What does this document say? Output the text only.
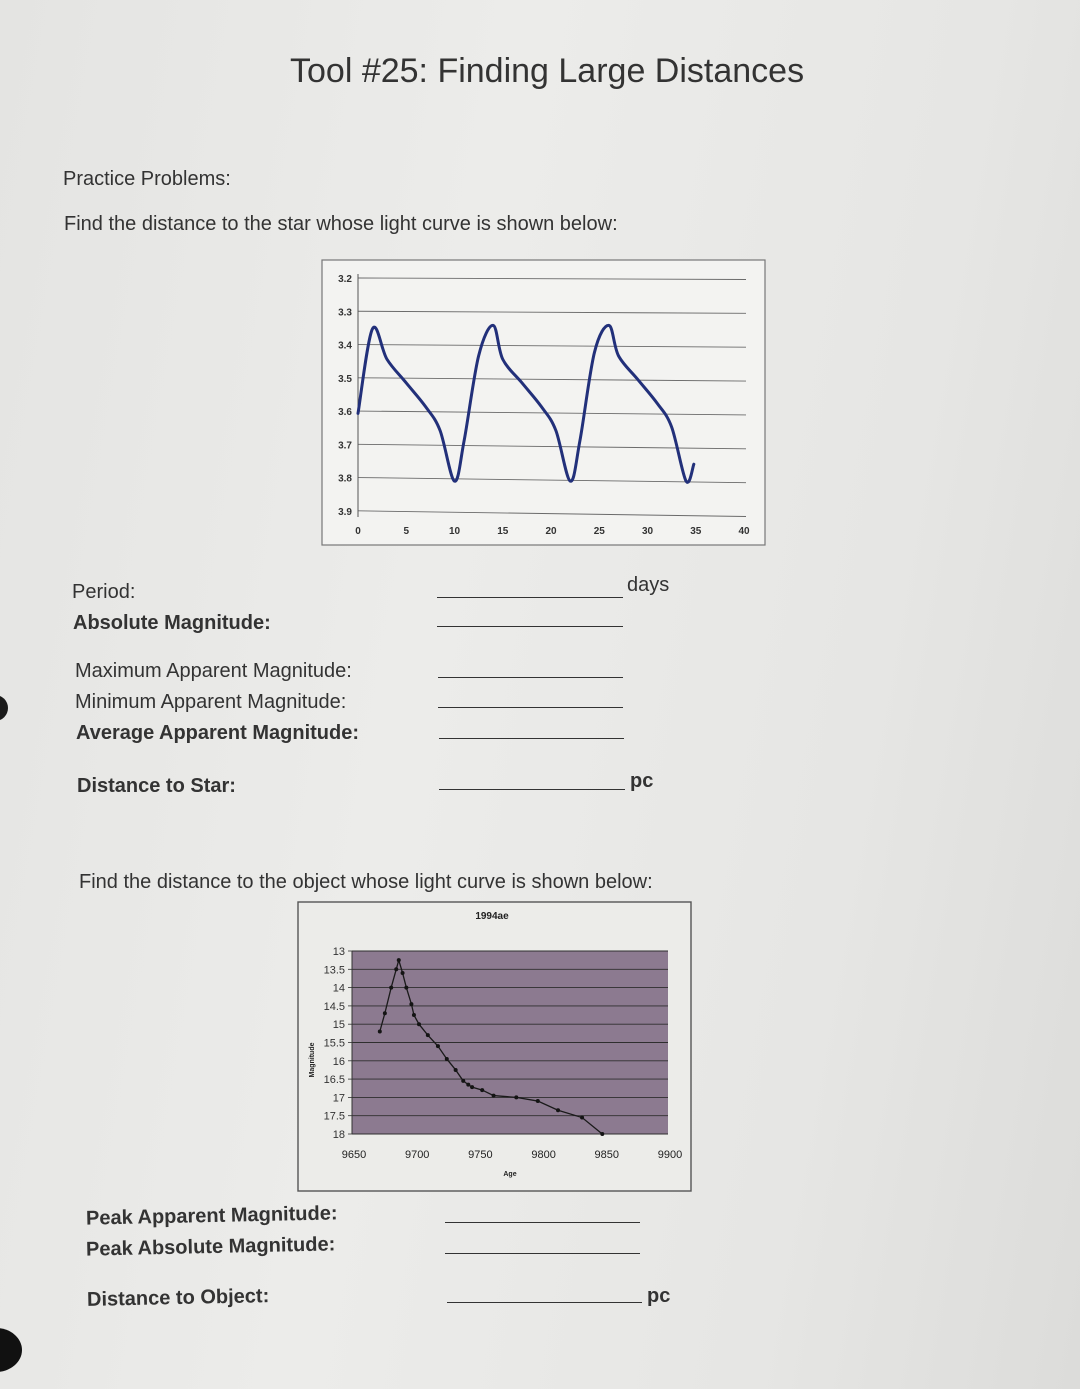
Tool #25: Finding Large Distances
Practice Problems:
Find the distance to the star whose light curve is shown below:
3.2
3.3
3.4
3.5
3.6
3.7
3.8
3.9
0	5	10	15	20	25	30	35	40
Period:	days
Absolute Magnitude:
Maximum Apparent Magnitude:
Minimum Apparent Magnitude:
Average Apparent Magnitude:
Distance to Star:	pc
Find the distance to the object whose light curve is shown below:
1994ae
13
13.5
14
14.5
15
15.5
16
16.5
17
17.5
18
9650	9700	9750	9800	9850	9900
Age
Magnitude
Peak Apparent Magnitude:
Peak Absolute Magnitude:
Distance to Object:	pc
